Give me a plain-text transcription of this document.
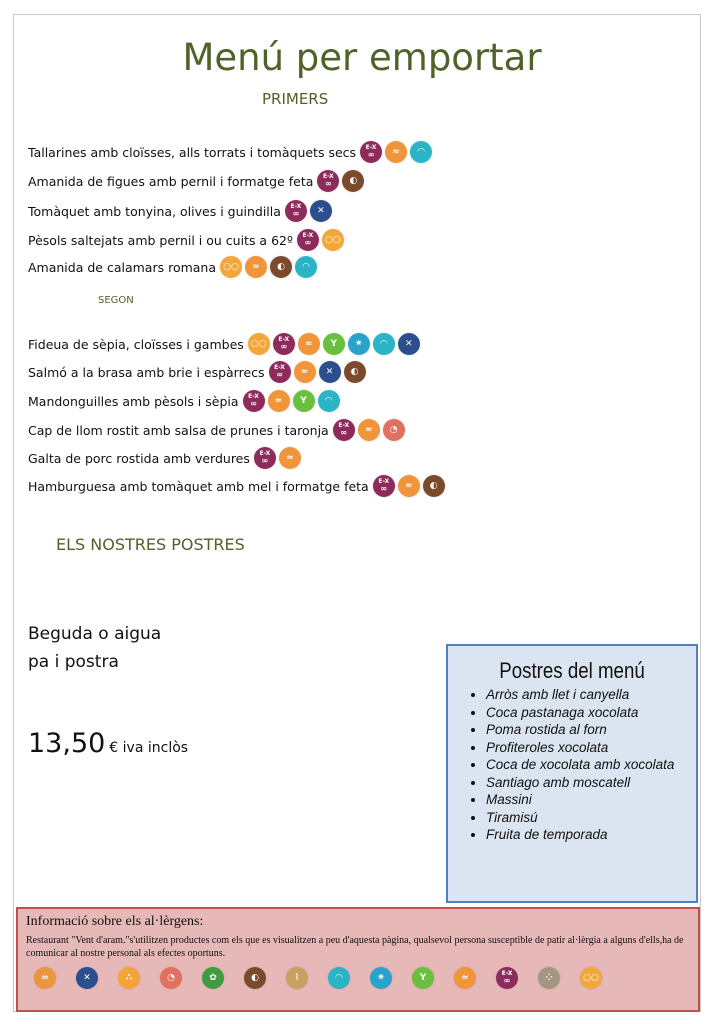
Menú per emportar
PRIMERS
Tallarines amb cloïsses, alls torrats i tomàquets secs E-X
∞	≈	◠
Amanida de figues amb pernil i formatge feta E-X
∞	◐
Tomàquet amb tonyina, olives i guindilla E-X
∞	✕
Pèsols saltejats amb pernil i ou cuits a 62º E-X
∞	○○
Amanida de calamars romana ○○	≈	◐	◠
SEGON
Fideua de sèpia, cloïsses i gambes ○○	E-X
∞	≈	Y	✷	◠	✕
Salmó a la brasa amb brie i espàrrecs E-X
∞	≈	✕	◐
Mandonguilles amb pèsols i sèpia E-X
∞	≈	Y	◠
Cap de llom rostit amb salsa de prunes i taronja E-X
∞	≈	◔
Galta de porc rostida amb verdures E-X
∞	≈
Hamburguesa amb tomàquet amb mel i formatge feta E-X
∞	≈	◐
ELS NOSTRES POSTRES
Beguda o aigua
pa i postra
13,50 € iva inclòs
Postres del menú
• Arròs amb llet i canyella
• Coca pastanaga xocolata
• Poma rostida al forn
• Profiteroles xocolata
• Coca de xocolata amb xocolata
• Santiago amb moscatell
• Massini
• Tiramisú
• Fruita de temporada
Informació sobre els al·lèrgens:
Restaurant "Vent d'aram."s'utilitzen productes com els que es visualitzen a peu d'aquesta pàgina, qualsevol persona susceptible de patir al·lèrgia a alguns d'ells,ha de comunicar al nostre personal als efectes oportuns.
∞	✕	∴	◔	✿	◐	⌇	◠	✷	Y	≈	E-X
∞	⁘	○○
